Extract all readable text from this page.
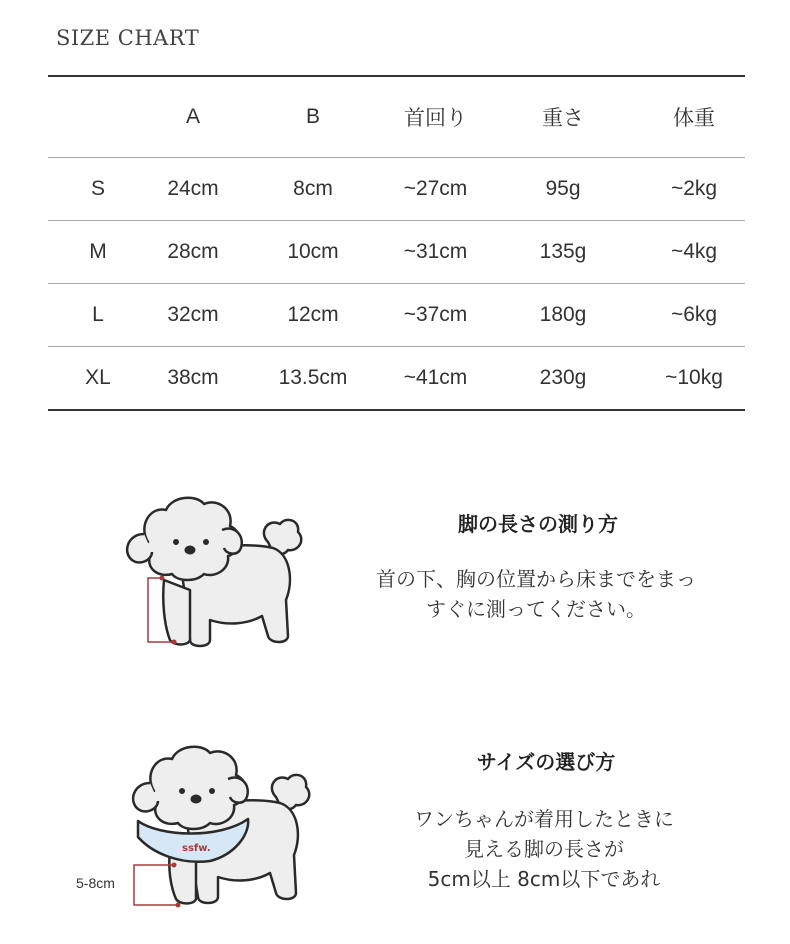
SIZE CHART
	A	B	首回り	重さ	体重
S	24cm	8cm	~27cm	95g	~2kg
M	28cm	10cm	~31cm	135g	~4kg
L	32cm	12cm	~37cm	180g	~6kg
XL	38cm	13.5cm	~41cm	230g	~10kg
脚の長さの測り方
首の下、胸の位置から床までをまっ
すぐに測ってください。
ssfw.
5-8cm
サイズの選び方
ワンちゃんが着用したときに
見える脚の長さが
5cm以上 8cm以下であれ
